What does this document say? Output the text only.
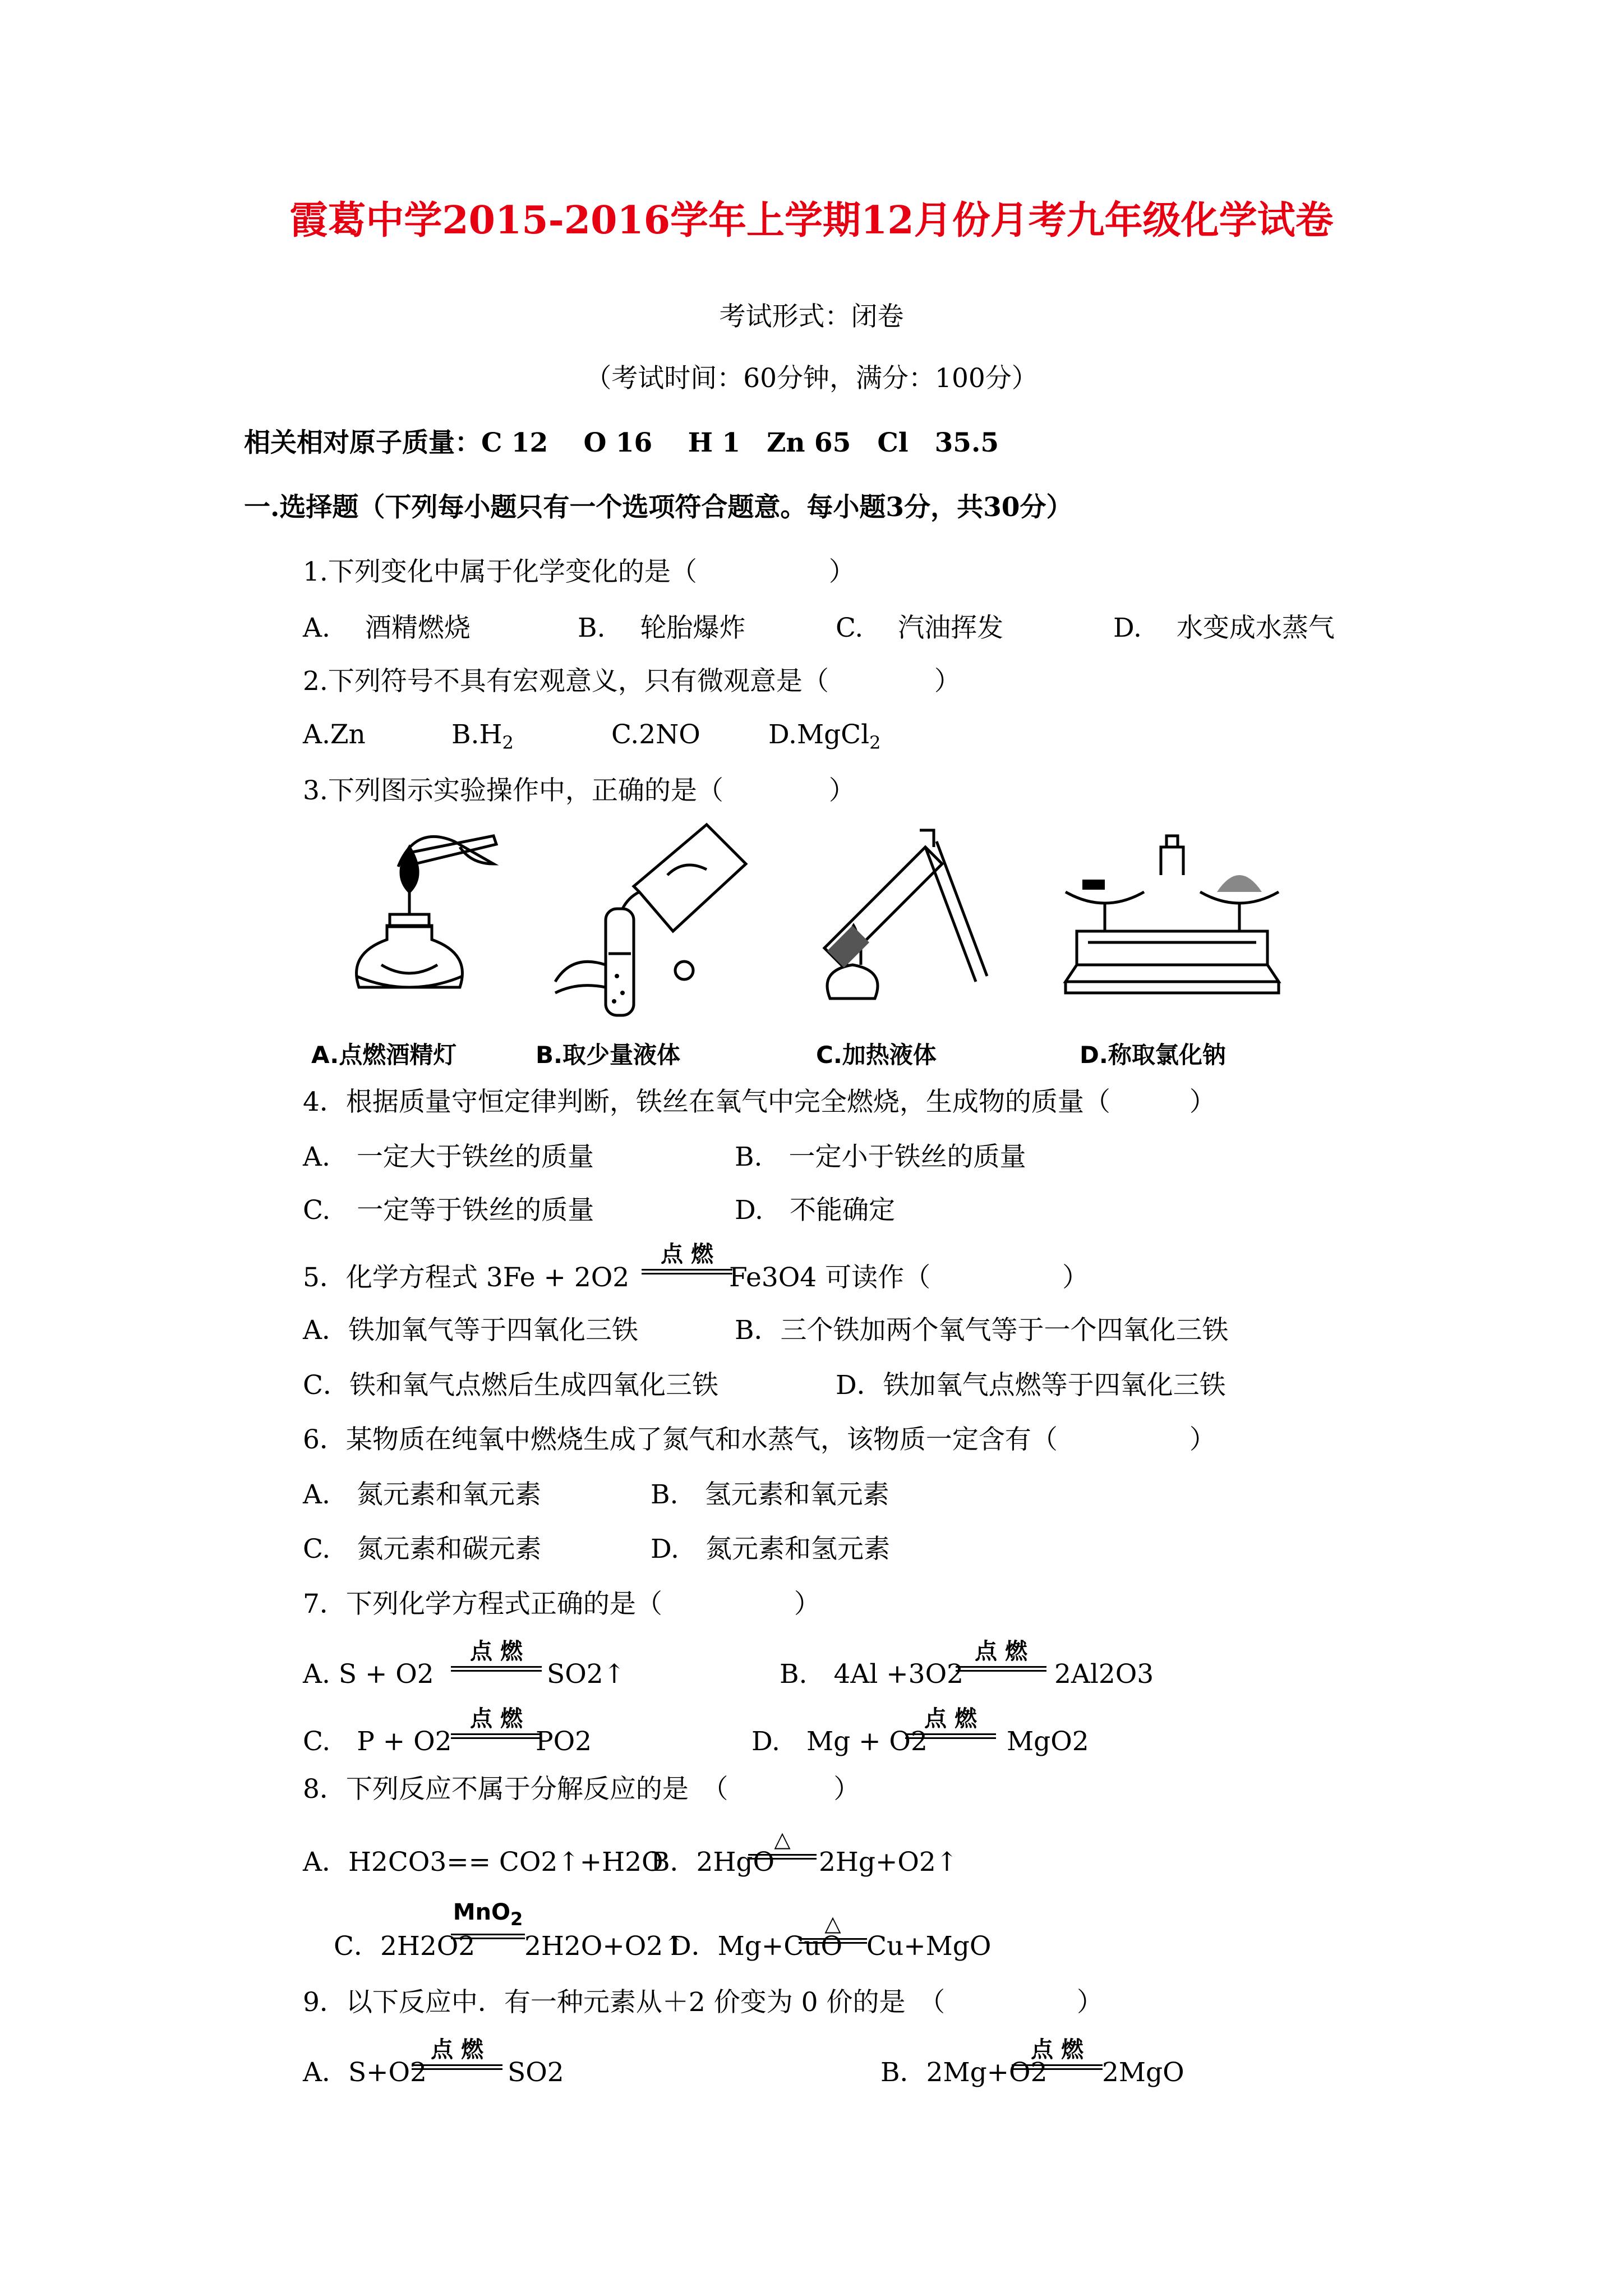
霞葛中学2015-2016学年上学期12月份月考九年级化学试卷
考试形式：闭卷
（考试时间：60分钟，满分：100分）
相关相对原子质量：C 12　 O 16　 H 1　Zn 65　Cl　35.5
一.选择题（下列每小题只有一个选项符合题意。每小题3分，共30分）
1.下列变化中属于化学变化的是（　　　　　）
A.　 酒精燃烧	B.　 轮胎爆炸	C.　 汽油挥发	D.　 水变成水蒸气
2.下列符号不具有宏观意义，只有微观意是（　　　　）
A.Zn	$B.H_2$	C.2NO	D.MgCl$_2$
3.下列图示实验操作中，正确的是（　　　　）
A.点燃酒精灯	B.取少量液体	C.加热液体	D.称取氯化钠
4．根据质量守恒定律判断，铁丝在氧气中完全燃烧，生成物的质量（　　　）
A.　一定大于铁丝的质量	B.　一定小于铁丝的质量
C.　一定等于铁丝的质量	D.　不能确定
5．化学方程式 3Fe + 2O2
点 燃
Fe3O4 可读作（　　　　　）
A．铁加氧气等于四氧化三铁	B．三个铁加两个氧气等于一个四氧化三铁
C．铁和氧气点燃后生成四氧化三铁	D．铁加氧气点燃等于四氧化三铁
6．某物质在纯氧中燃烧生成了氮气和水蒸气，该物质一定含有（　　　　　）
A.　氮元素和氧元素	B.　氢元素和氧元素
C.　氮元素和碳元素	D.　氮元素和氢元素
7．下列化学方程式正确的是（　　　　　）
A. S + O2
点 燃
SO2↑	B.　4Al +3O2
点 燃
2Al2O3
C.　P + O2
点 燃
PO2	D.　Mg + O2
点 燃
MgO2
8．下列反应不属于分解反应的是　（　　　　）
A．H2CO3== CO2↑+H2O
B．2HgO
△
2Hg+O2↑
C．2H2O2
MnO$_2$
2H2O+O2↑
D．Mg+CuO
△
Cu+MgO
9．以下反应中．有一种元素从＋2 价变为 0 价的是　（　　　　　）
A．S+O2
点 燃
SO2	B．2Mg+O2
点 燃
2MgO
